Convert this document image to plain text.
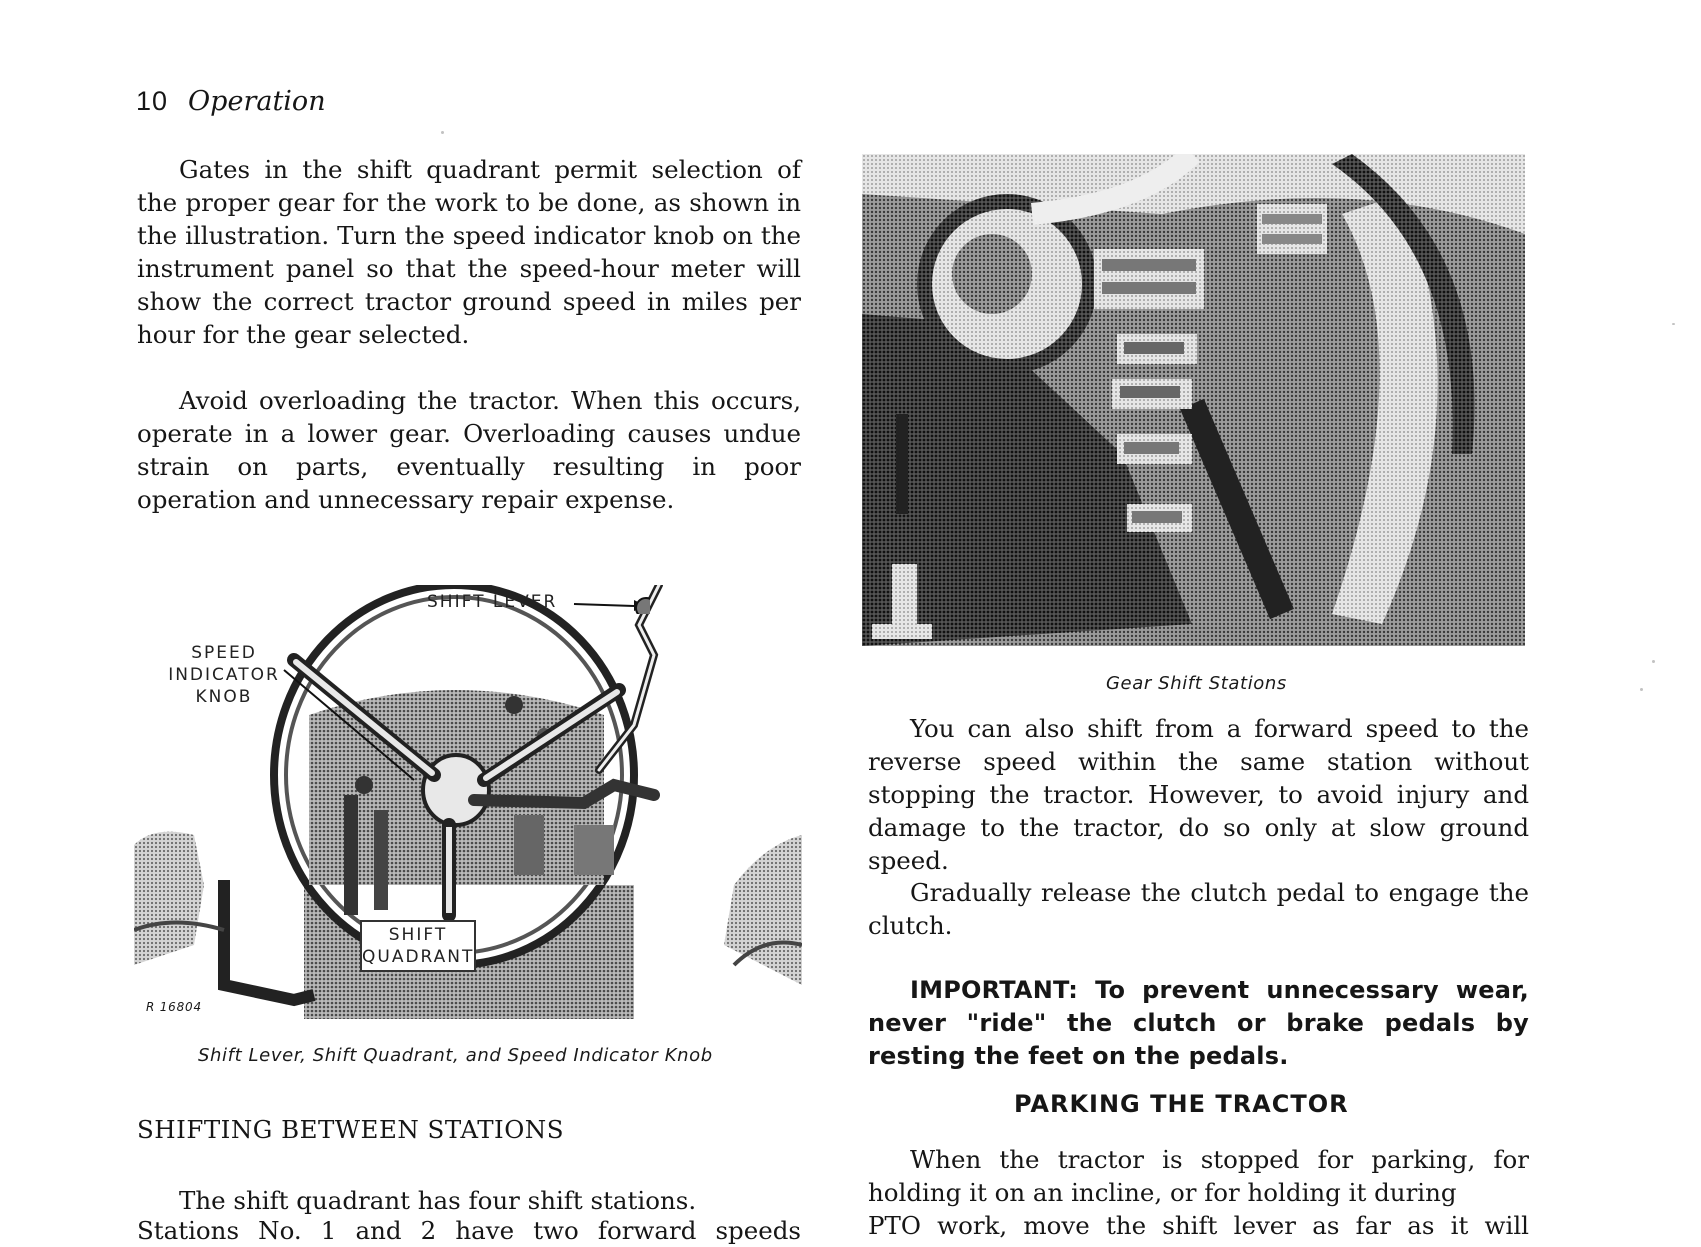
10 Operation

Gates in the shift quadrant permit selection of the proper gear for the work to be done, as shown in the illustration. Turn the speed indicator knob on the instrument panel so that the speed-hour meter will show the correct tractor ground speed in miles per hour for the gear selected.

Avoid overloading the tractor. When this occurs, operate in a lower gear. Overloading causes undue strain on parts, eventually resulting in poor operation and unnecessary repair expense.

SHIFT LEVER
SPEED
INDICATOR
KNOB
SHIFT
QUADRANT
R 16804
Shift Lever, Shift Quadrant, and Speed Indicator Knob
SHIFTING BETWEEN STATIONS

The shift quadrant has four shift stations.

Stations No. 1 and 2 have two forward speeds

Gear Shift Stations

You can also shift from a forward speed to the reverse speed within the same station without stopping the tractor. However, to avoid injury and damage to the tractor, do so only at slow ground speed.

Gradually release the clutch pedal to engage the clutch.

IMPORTANT: To prevent unnecessary wear, never "ride" the clutch or brake pedals by resting the feet on the pedals.

PARKING THE TRACTOR

When the tractor is stopped for parking, for holding it on an incline, or for holding it during

PTO work, move the shift lever as far as it will
